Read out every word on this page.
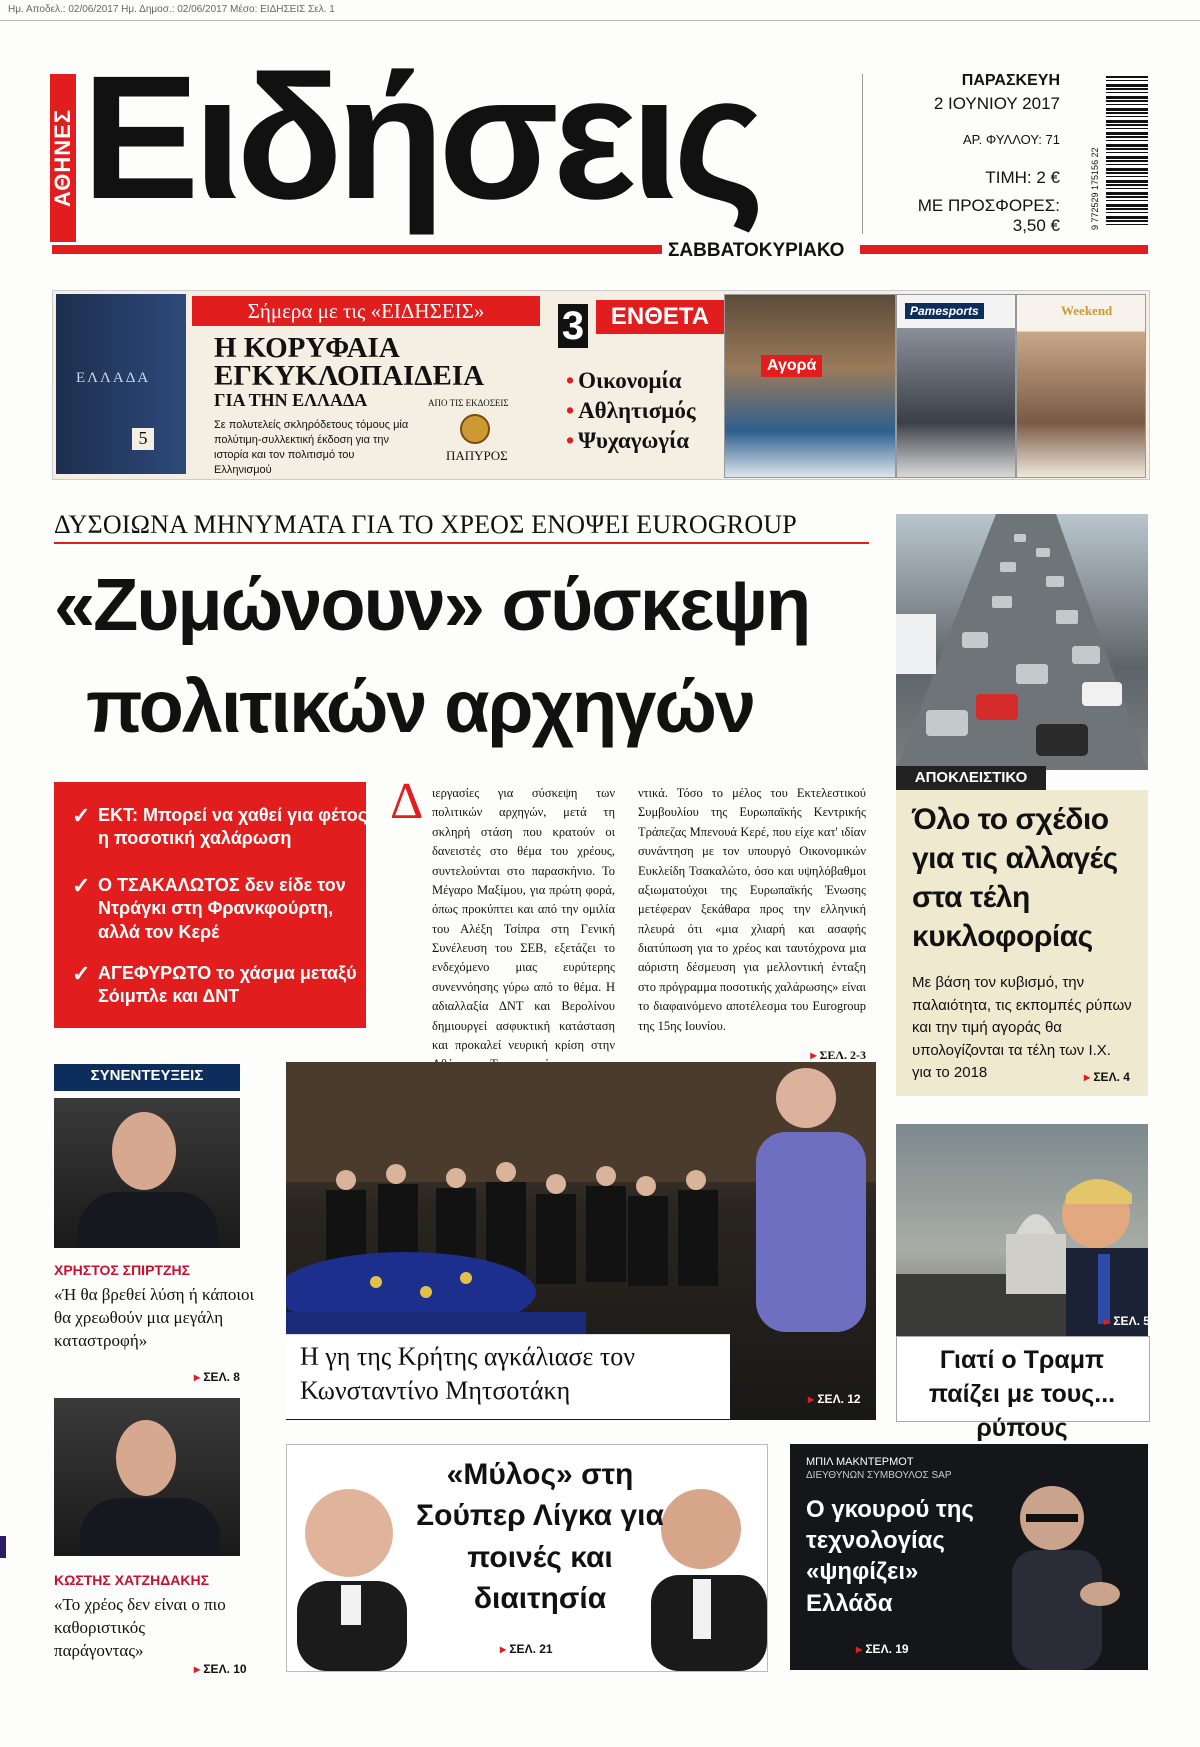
Ημ. Αποδελ.: 02/06/2017 Ημ. Δημοσ.: 02/06/2017 Μέσο: ΕΙΔΗΣΕΙΣ Σελ. 1
ΑΘΗΝΕΣ Ειδήσεις
ΣΑΒΒΑΤΟΚΥΡΙΑΚΟ
ΠΑΡΑΣΚΕΥΗ
2 ΙΟΥΝΙΟΥ 2017
ΑΡ. ΦΥΛΛΟΥ: 71
ΤΙΜΗ: 2 €
ΜΕ ΠΡΟΣΦΟΡΕΣ: 3,50 €	9 772529 175156 22
ΕΛΛΑΔΑ
5
Σήμερα με τις «ΕΙΔΗΣΕΙΣ»
Η ΚΟΡΥΦΑΙΑ
ΕΓΚΥΚΛΟΠΑΙΔΕΙΑ
ΓΙΑ ΤΗΝ ΕΛΛΑΔΑ
Σε πολυτελείς σκληρόδετους τόμους μία πολύτιμη-συλλεκτική έκδοση για την ιστορία και τον πολιτισμό του Ελληνισμού
ΑΠΟ ΤΙΣ ΕΚΔΟΣΕΙΣ
ΠΑΠΥΡΟΣ
3	ΕΝΘΕΤΑ
• Οικονομία
• Αθλητισμός
• Ψυχαγωγία
Αγορά
Pamesports	Weekend
ΔΥΣΟΙΩΝΑ ΜΗΝΥΜΑΤΑ ΓΙΑ ΤΟ ΧΡΕΟΣ ΕΝΟΨΕΙ EUROGROUP
«Ζυμώνουν» σύσκεψη
πολιτικών αρχηγών
✓ ΕΚΤ: Μπορεί να χαθεί για φέτος η ποσοτική χαλάρωση
✓ Ο ΤΣΑΚΑΛΩΤΟΣ δεν είδε τον Ντράγκι στη Φρανκφούρτη, αλλά τον Κερέ
✓ ΑΓΕΦΥΡΩΤΟ το χάσμα μεταξύ Σόιμπλε και ΔΝΤ
Δ ιεργασίες για σύσκεψη των πολιτικών αρχηγών, μετά τη σκληρή στάση που κρατούν οι δανειστές στο θέμα του χρέους, συντελούνται στο παρασκήνιο. Το Μέγαρο Μαξίμου, για πρώτη φορά, όπως προκύπτει και από την ομιλία του Αλέξη Τσίπρα στη Γενική Συνέλευση του ΣΕΒ, εξετάζει το ενδεχόμενο μιας ευρύτερης συνεννόησης γύρω από το θέμα. Η αδιαλλαξία ΔΝΤ και Βερολίνου δημιουργεί ασφυκτική κατάσταση και προκαλεί νευρική κρίση στην
ντικά. Τόσο το μέλος του Εκτελεστικού Συμβουλίου της Ευρωπαϊκής Κεντρικής Τράπεζας Μπενουά Κερέ, που είχε κατ' ιδίαν συνάντηση με τον υπουργό Οικονομικών Ευκλείδη Τσακαλώτο, όσο και υψηλόβαθμοι αξιωματούχοι της Ευρωπαϊκής Ένωσης μετέφεραν ξεκάθαρα προς την ελληνική πλευρά ότι «μια χλιαρή και ασαφής διατύπωση για το χρέος και ταυτόχρονα μια αόριστη δέσμευση για μελλοντική ένταξη στο πρόγραμμα ποσοτικής χαλάρωσης» είναι το διαφαινόμενο αποτέλεσμα του Eurogroup της 15ης Ιουνίου.
▸ ΣΕΛ. 2-3
ΑΠΟΚΛΕΙΣΤΙΚΟ
Όλο το σχέδιο για τις αλλαγές στα τέλη κυκλοφορίας
Με βάση τον κυβισμό, την παλαιότητα, τις εκπομπές ρύπων και την τιμή αγοράς θα υπολογίζονται τα τέλη των Ι.Χ. για το 2018	▸ ΣΕΛ. 4
ΣΥΝΕΝΤΕΥΞΕΙΣ
ΧΡΗΣΤΟΣ ΣΠΙΡΤΖΗΣ
«Ή θα βρεθεί λύση ή κάποιοι θα χρεωθούν μια μεγάλη καταστροφή»
▸ ΣΕΛ. 8
ΚΩΣΤΗΣ ΧΑΤΖΗΔΑΚΗΣ
«Το χρέος δεν είναι ο πιο καθοριστικός παράγοντας»
▸ ΣΕΛ. 10
Η γη της Κρήτης αγκάλιασε τον Κωνσταντίνο Μητσοτάκη	▸ ΣΕΛ. 12
▸ ΣΕΛ. 59
Γιατί ο Τραμπ παίζει με τους... ρύπους
«Μύλος» στη Σούπερ Λίγκα για ποινές και διαιτησία
▸ ΣΕΛ. 21
ΜΠΙΛ ΜΑΚΝΤΕΡΜΟΤ
ΔΙΕΥΘΥΝΩΝ ΣΥΜΒΟΥΛΟΣ SAP
Ο γκουρού της τεχνολογίας «ψηφίζει» Ελλάδα
▸ ΣΕΛ. 19
